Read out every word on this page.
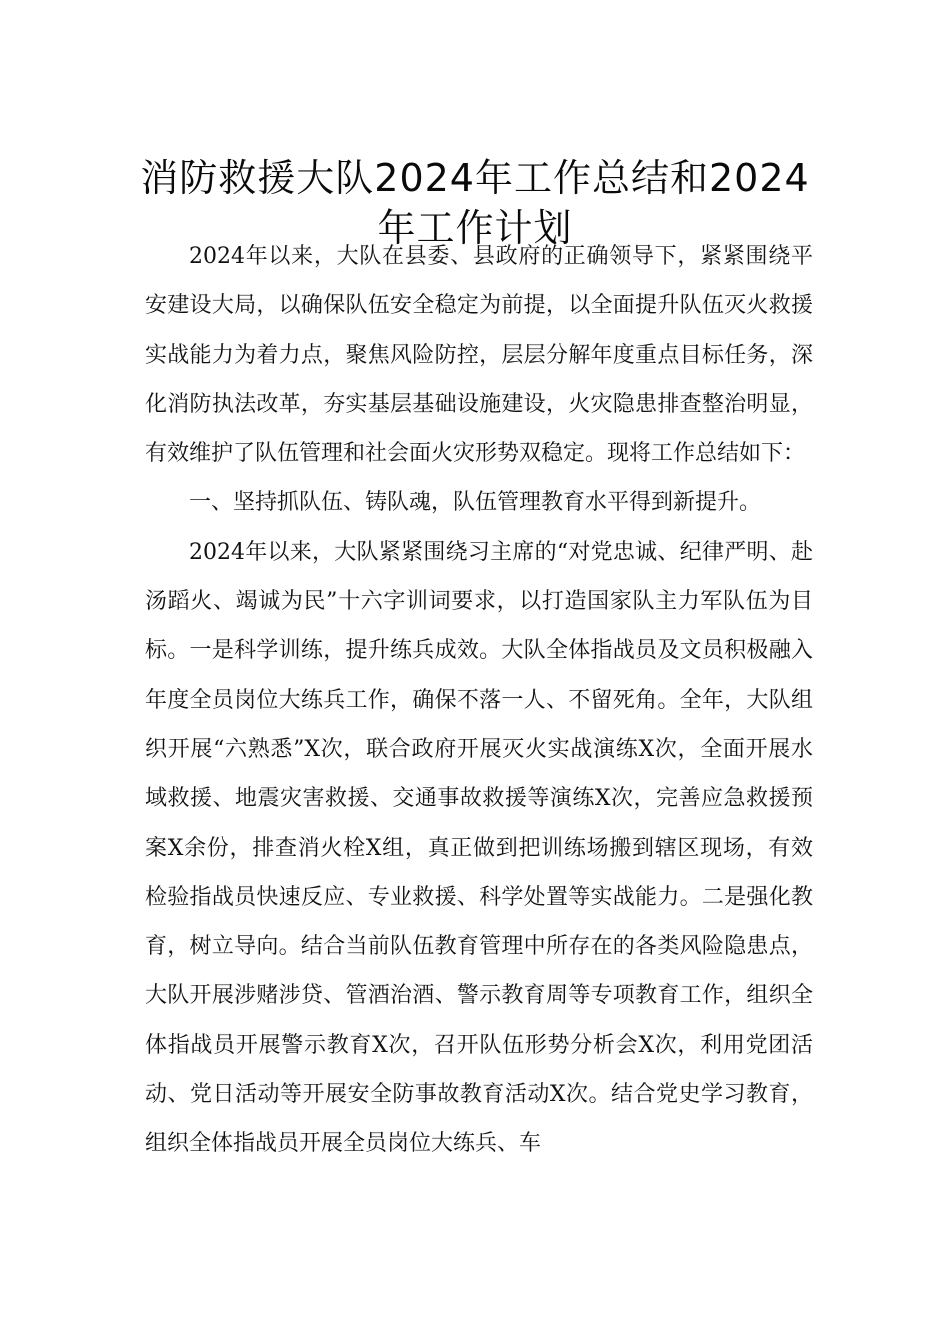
消防救援大队2024年工作总结和2024年工作计划

2024年以来，大队在县委、县政府的正确领导下，紧紧围绕平安建设大局，以确保队伍安全稳定为前提，以全面提升队伍灭火救援实战能力为着力点，聚焦风险防控，层层分解年度重点目标任务，深化消防执法改革，夯实基层基础设施建设，火灾隐患排查整治明显，有效维护了队伍管理和社会面火灾形势双稳定。现将工作总结如下：

一、坚持抓队伍、铸队魂，队伍管理教育水平得到新提升。

2024年以来，大队紧紧围绕习主席的“对党忠诚、纪律严明、赴汤蹈火、竭诚为民”十六字训词要求，以打造国家队主力军队伍为目标。一是科学训练，提升练兵成效。大队全体指战员及文员积极融入年度全员岗位大练兵工作，确保不落一人、不留死角。全年，大队组织开展“六熟悉”X次，联合政府开展灭火实战演练X次，全面开展水域救援、地震灾害救援、交通事故救援等演练X次，完善应急救援预案X余份，排查消火栓X组，真正做到把训练场搬到辖区现场，有效检验指战员快速反应、专业救援、科学处置等实战能力。二是强化教育，树立导向。结合当前队伍教育管理中所存在的各类风险隐患点，大队开展涉赌涉贷、管酒治酒、警示教育周等专项教育工作，组织全体指战员开展警示教育X次，召开队伍形势分析会X次，利用党团活动、党日活动等开展安全防事故教育活动X次。结合党史学习教育，组织全体指战员开展全员岗位大练兵、车
